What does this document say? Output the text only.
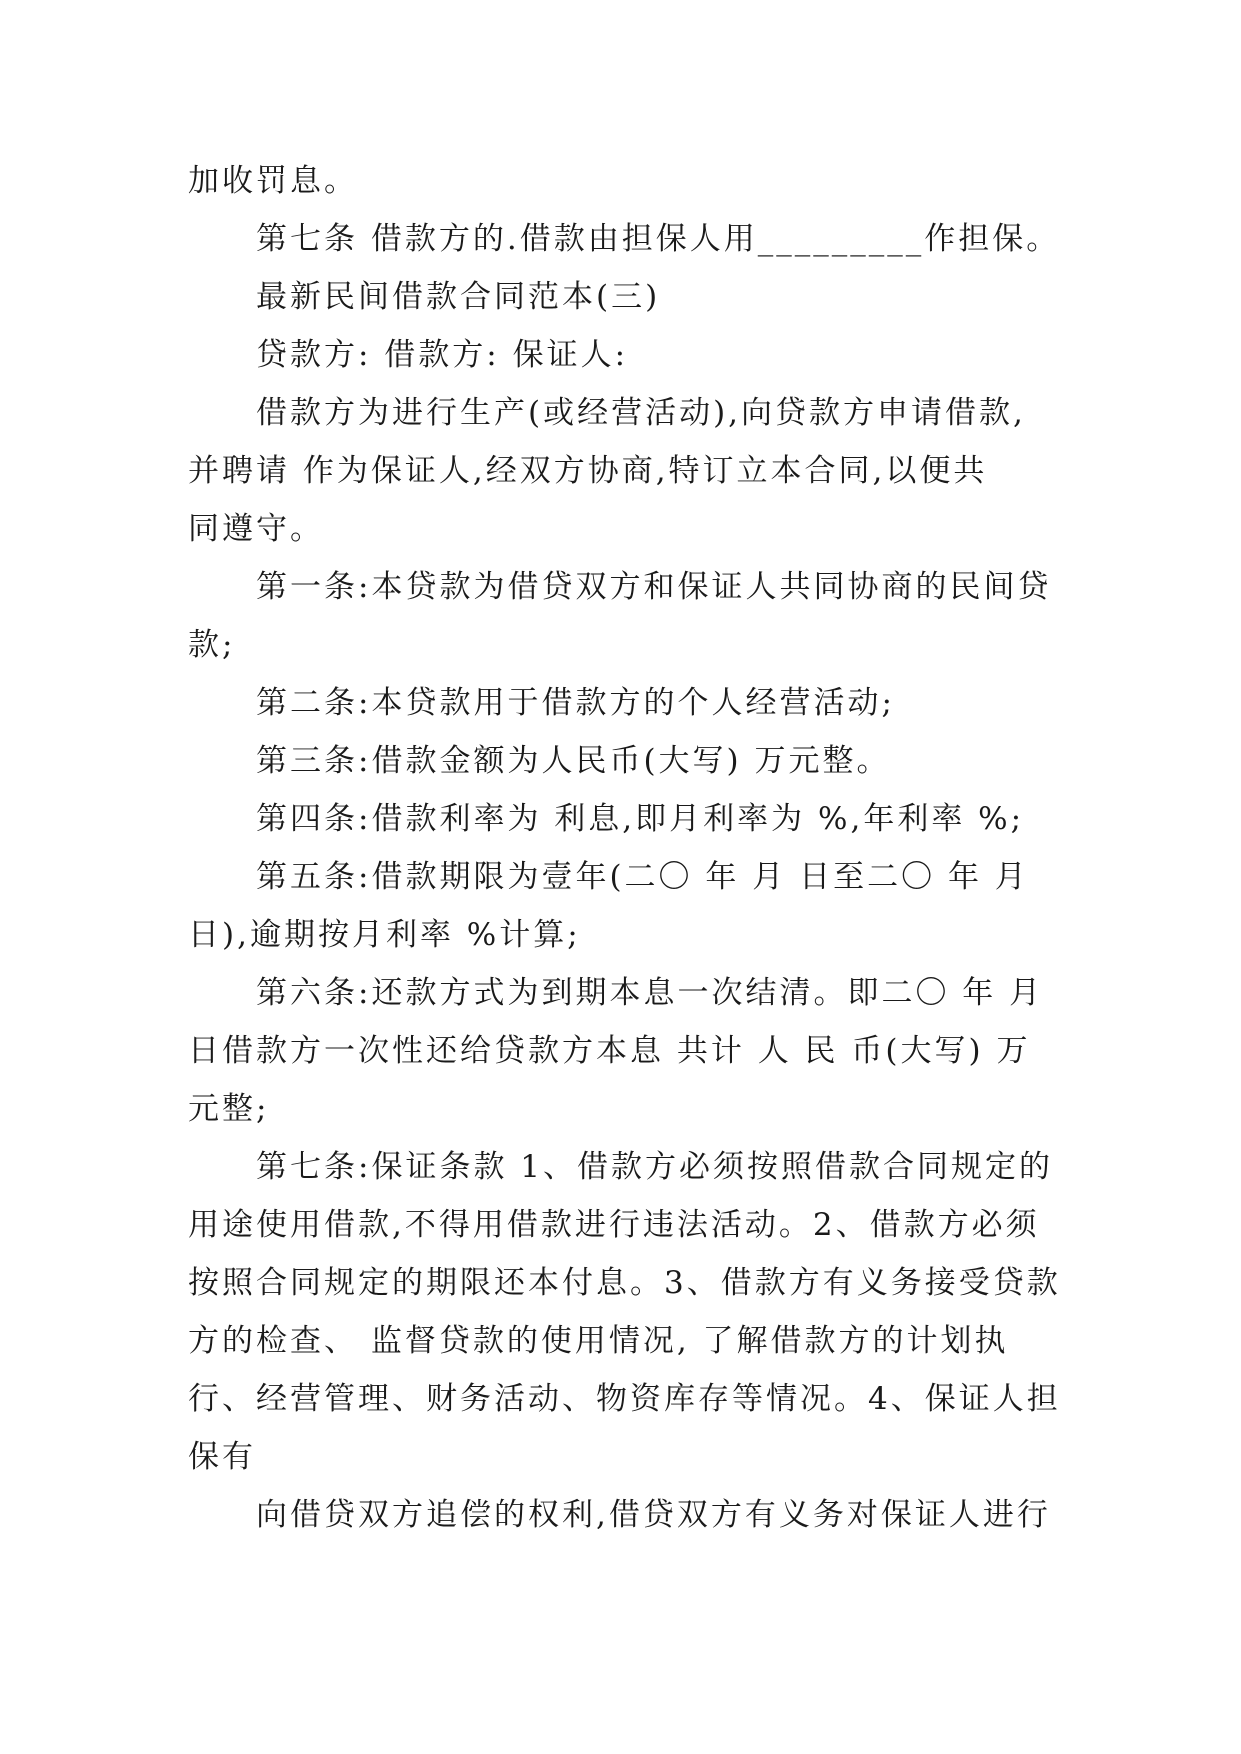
加收罚息。
第七条 借款方的.借款由担保人用_________作担保。
最新民间借款合同范本(三)
贷款方: 借款方: 保证人:
借款方为进行生产(或经营活动),向贷款方申请借款,
并聘请 作为保证人,经双方协商,特订立本合同,以便共
同遵守。
第一条:本贷款为借贷双方和保证人共同协商的民间贷
款;
第二条:本贷款用于借款方的个人经营活动;
第三条:借款金额为人民币(大写) 万元整。
第四条:借款利率为 利息,即月利率为 %,年利率 %;
第五条:借款期限为壹年(二〇 年 月 日至二〇 年 月
日),逾期按月利率 %计算;
第六条:还款方式为到期本息一次结清。即二〇 年 月
日借款方一次性还给贷款方本息 共计 人 民 币(大写) 万
元整;
第七条:保证条款 1、借款方必须按照借款合同规定的
用途使用借款,不得用借款进行违法活动。2、借款方必须
按照合同规定的期限还本付息。3、借款方有义务接受贷款
方的检查、 监督贷款的使用情况, 了解借款方的计划执
行、经营管理、财务活动、物资库存等情况。4、保证人担
保有
向借贷双方追偿的权利,借贷双方有义务对保证人进行
